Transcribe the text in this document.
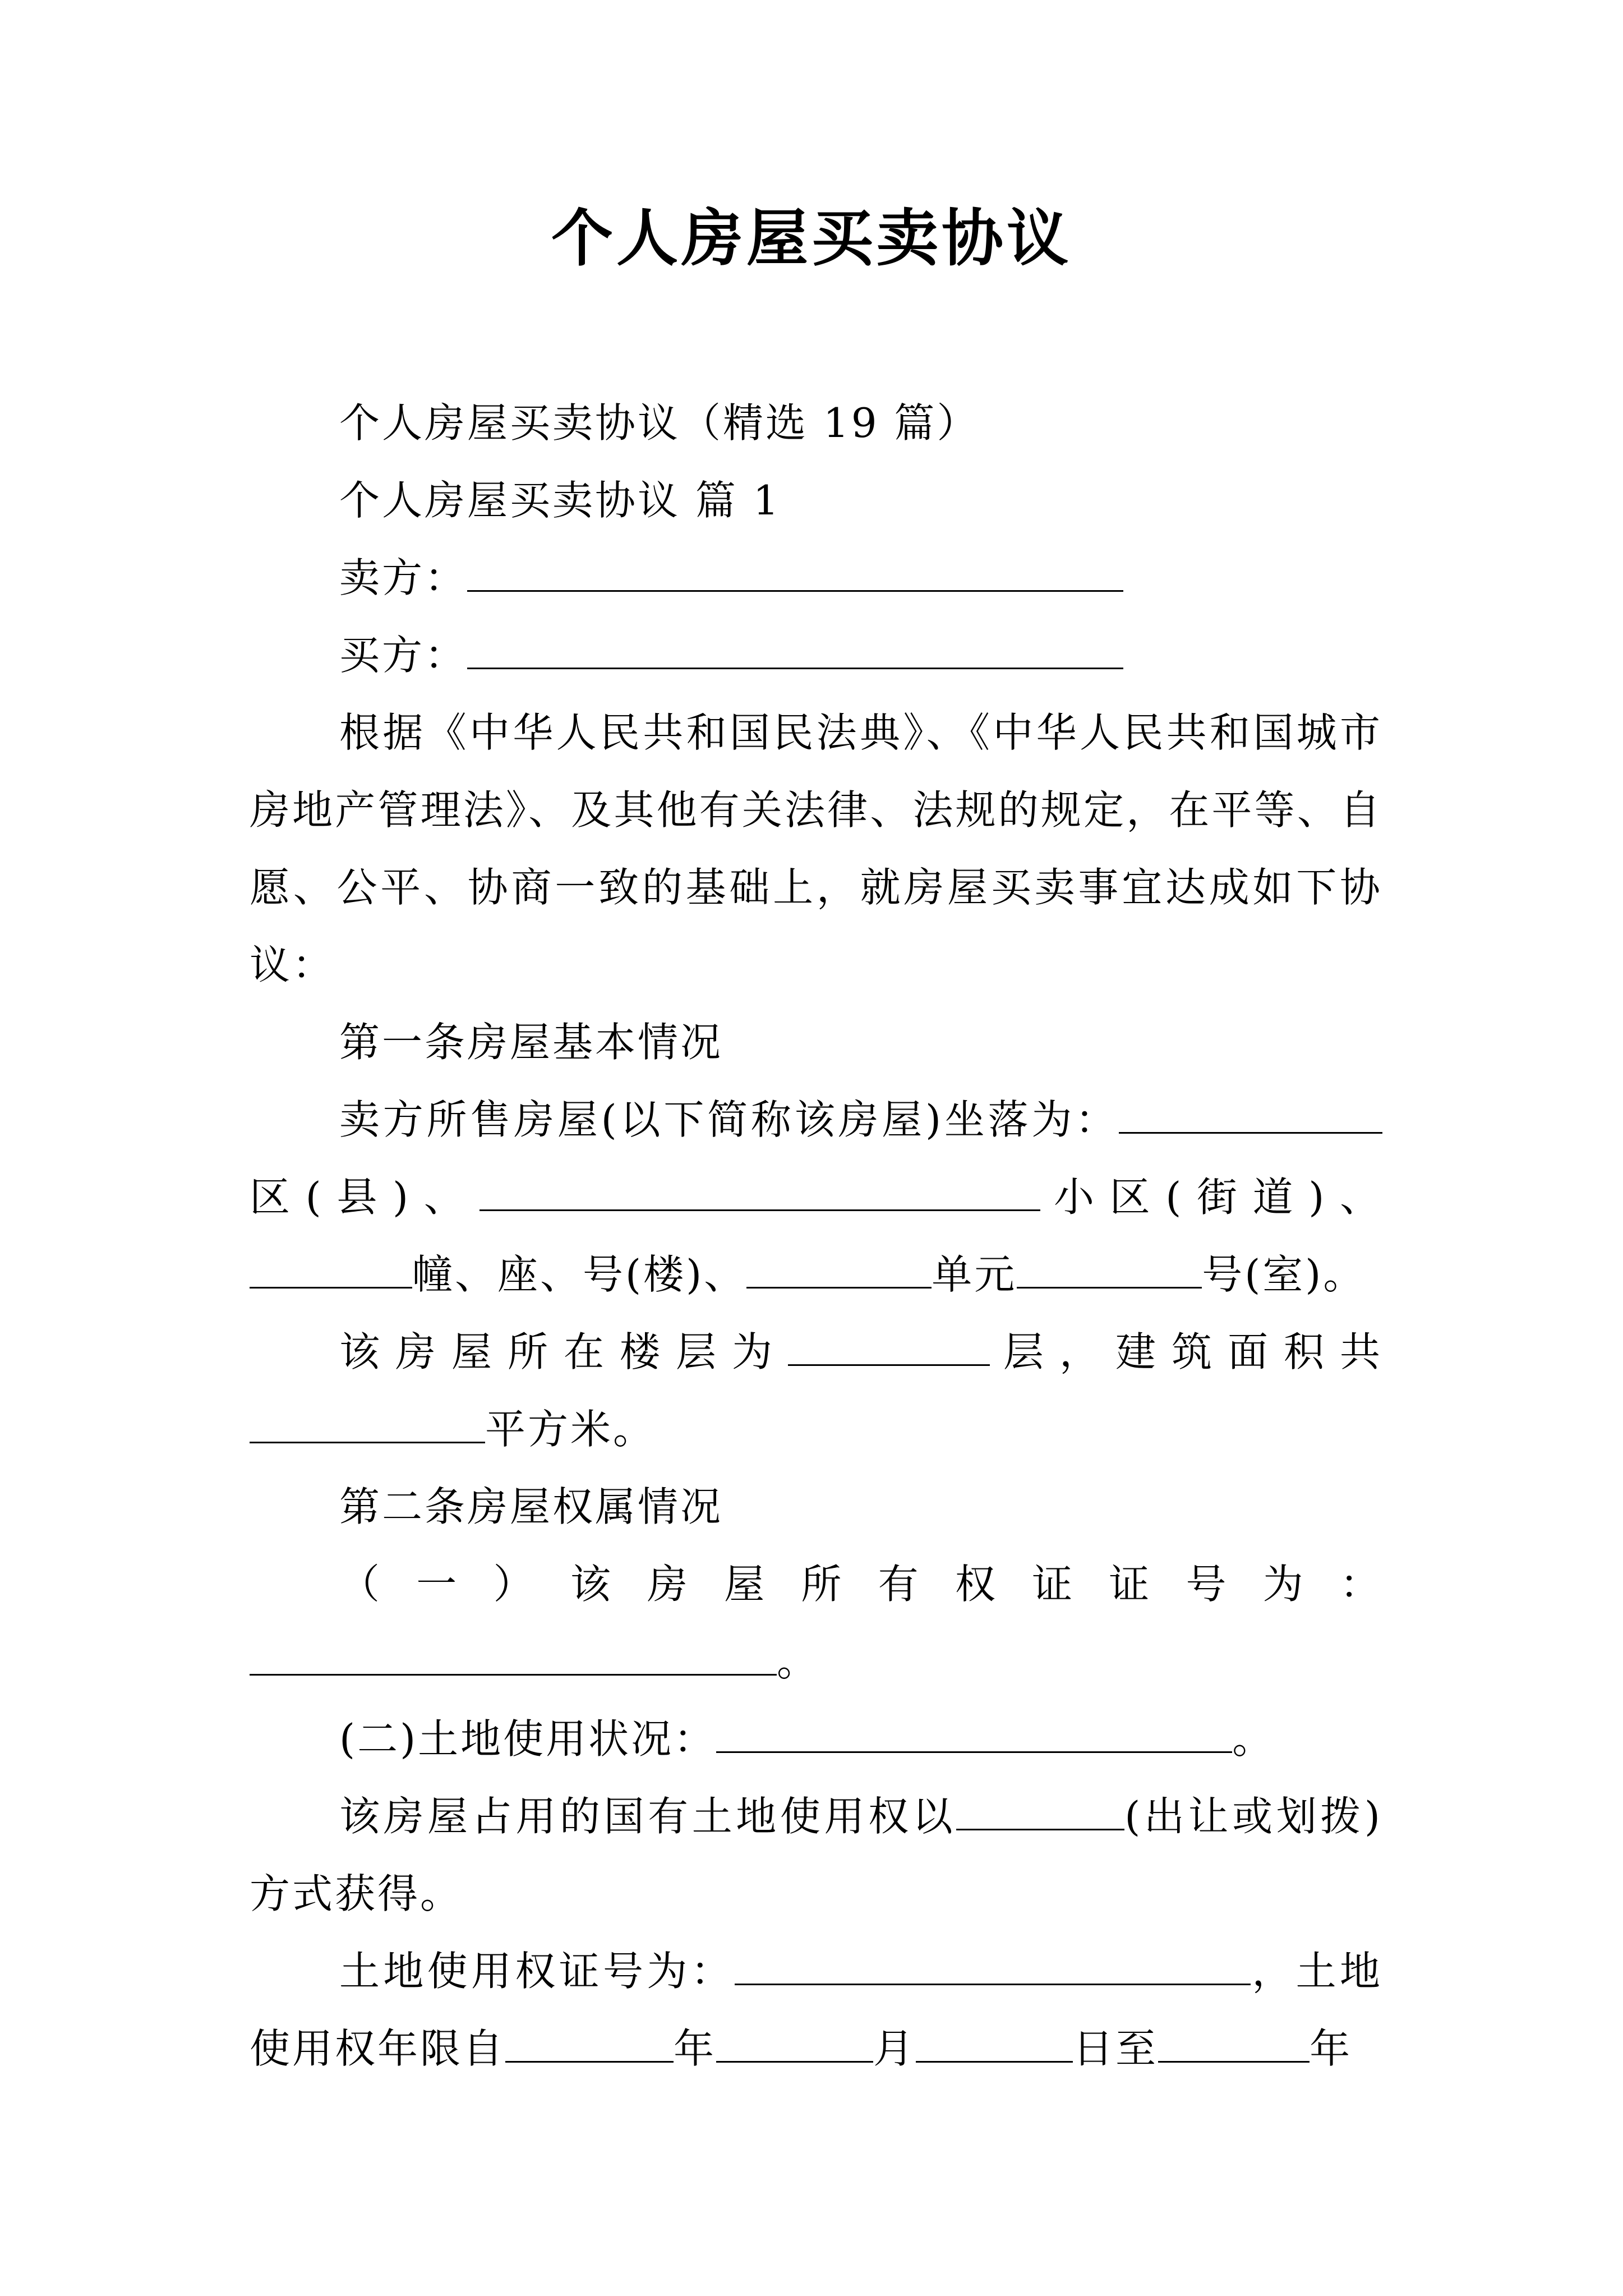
个人房屋买卖协议

个人房屋买卖协议（精选 19 篇）

个人房屋买卖协议 篇 1

卖方：

买方：

根据《中华人民共和国民法典》、《中华人民共和国城市房地产管理法》、及其他有关法律、法规的规定，在平等、自愿、公平、协商一致的基础上，就房屋买卖事宜达成如下协议：

第一条房屋基本情况

卖方所售房屋(以下简称该房屋)坐落为：区(县)、	小区(街道)、幢、座、号(楼)、	单元	号(室)。

该房屋所在楼层为	层，建筑面积共平方米。

第二条房屋权属情况

（一）该房屋所有权证证号为：。

(二)土地使用状况：	。

该房屋占用的国有土地使用权以	(出让或划拨)方式获得。

土地使用权证号为：	，土地使用权年限自	年	月	日至	年
